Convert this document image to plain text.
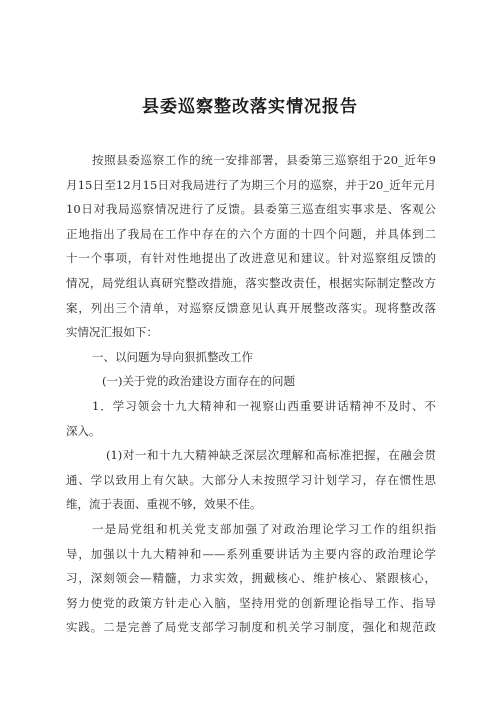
县委巡察整改落实情况报告
按照县委巡察工作的统一安排部署，县委第三巡察组于20_近年9
月15日至12月15日对我局进行了为期三个月的巡察，并于20_近年元月
10日对我局巡察情况进行了反馈。县委第三巡查组实事求是、客观公
正地指出了我局在工作中存在的六个方面的十四个问题，并具体到二
十一个事项，有针对性地提出了改进意见和建议。针对巡察组反馈的
情况，局党组认真研究整改措施，落实整改责任，根据实际制定整改方
案，列出三个清单，对巡察反馈意见认真开展整改落实。现将整改落
实情况汇报如下：
一、以问题为导向狠抓整改工作
(一)关于党的政治建设方面存在的问题
1．学习领会十九大精神和一视察山西重要讲话精神不及时、不
深入。
(1)对一和十九大精神缺乏深层次理解和高标准把握，在融会贯
通、学以致用上有欠缺。大部分人未按照学习计划学习，存在惯性思
维，流于表面、重视不够，效果不佳。
一是局党组和机关党支部加强了对政治理论学习工作的组织指
导，加强以十九大精神和——系列重要讲话为主要内容的政治理论学
习，深刻领会—精髓，力求实效，拥戴核心、维护核心、紧跟核心，
努力使党的政策方针走心入脑，坚持用党的创新理论指导工作、指导
实践。二是完善了局党支部学习制度和机关学习制度，强化和规范政
